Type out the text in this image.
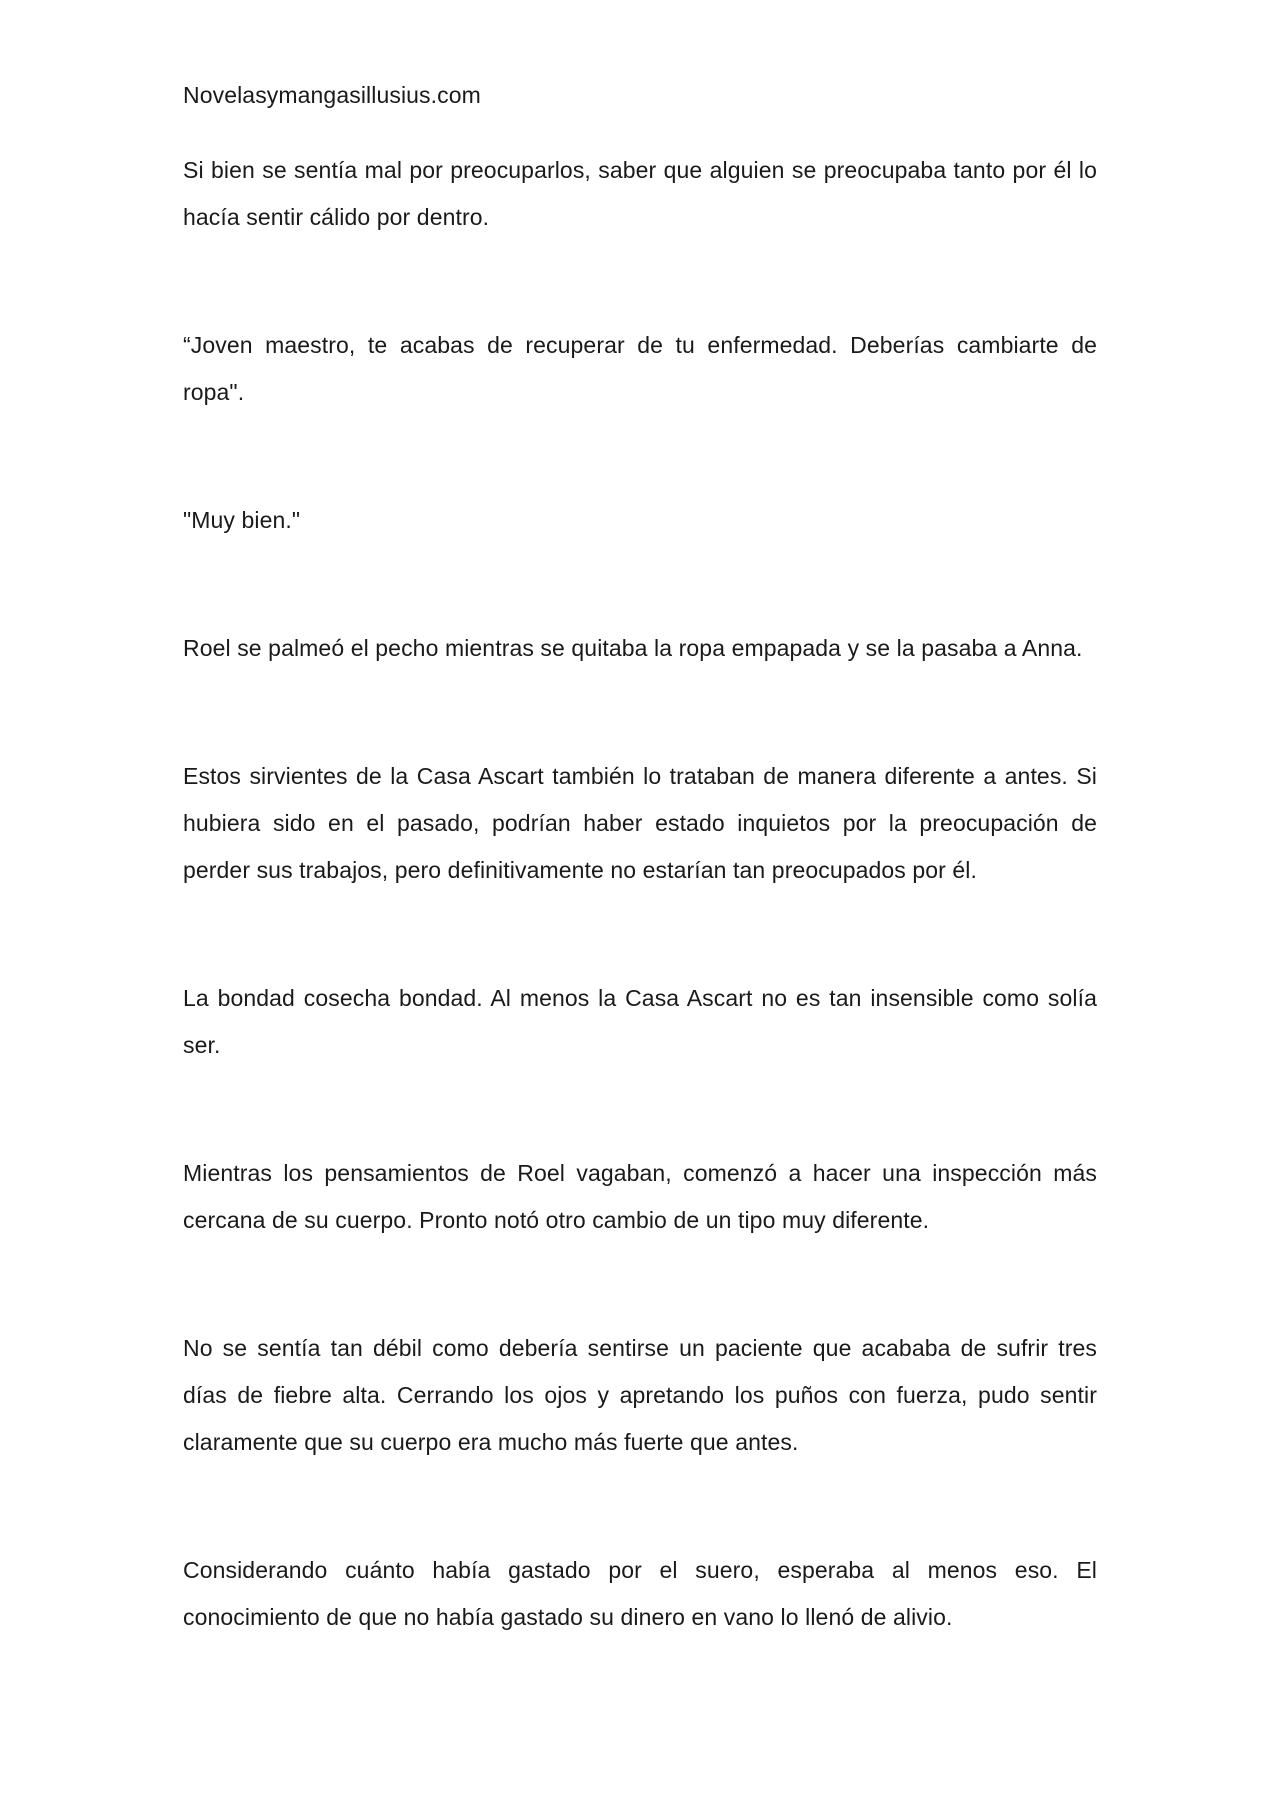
Novelasymangasillusius.com

Si bien se sentía mal por preocuparlos, saber que alguien se preocupaba tanto por él lo hacía sentir cálido por dentro.

“Joven maestro, te acabas de recuperar de tu enfermedad. Deberías cambiarte de ropa".

"Muy bien."

Roel se palmeó el pecho mientras se quitaba la ropa empapada y se la pasaba a Anna.

Estos sirvientes de la Casa Ascart también lo trataban de manera diferente a antes. Si hubiera sido en el pasado, podrían haber estado inquietos por la preocupación de perder sus trabajos, pero definitivamente no estarían tan preocupados por él.

La bondad cosecha bondad. Al menos la Casa Ascart no es tan insensible como solía ser.

Mientras los pensamientos de Roel vagaban, comenzó a hacer una inspección más cercana de su cuerpo. Pronto notó otro cambio de un tipo muy diferente.

No se sentía tan débil como debería sentirse un paciente que acababa de sufrir tres días de fiebre alta. Cerrando los ojos y apretando los puños con fuerza, pudo sentir claramente que su cuerpo era mucho más fuerte que antes.

Considerando cuánto había gastado por el suero, esperaba al menos eso. El conocimiento de que no había gastado su dinero en vano lo llenó de alivio.
